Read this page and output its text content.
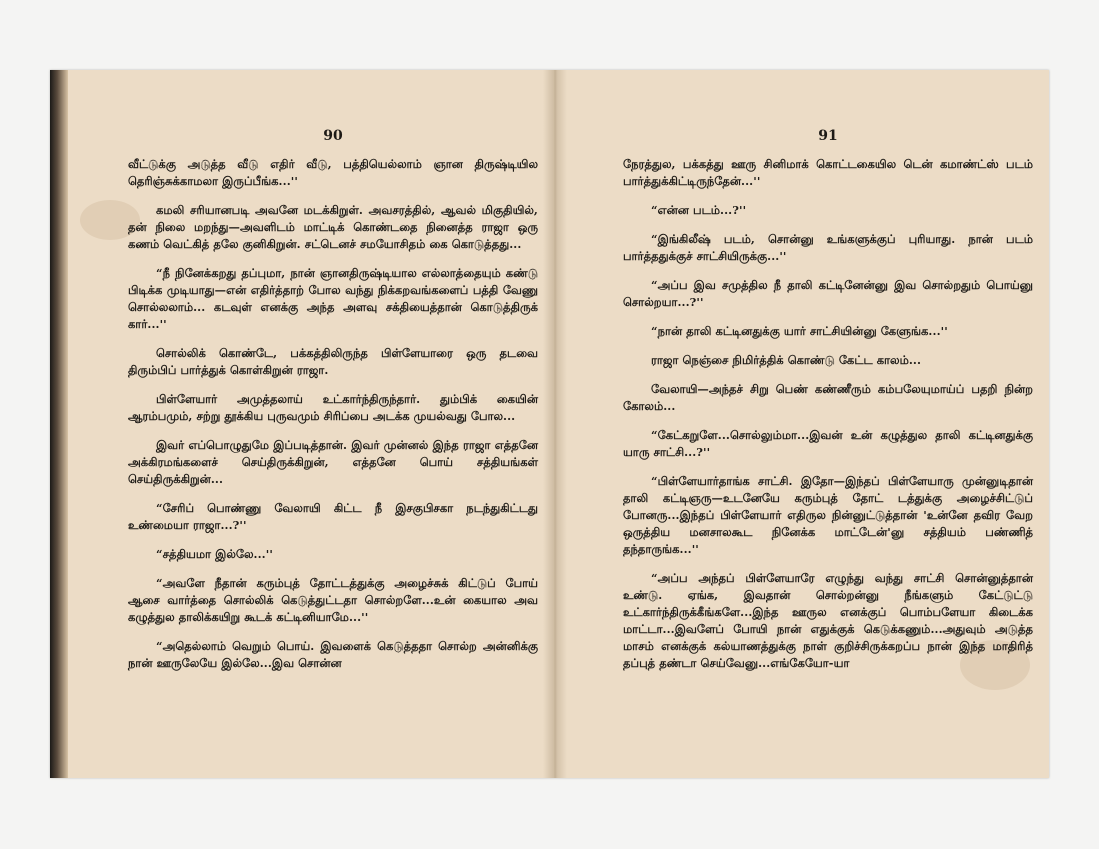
90

வீட்டுக்கு அடுத்த வீடு எதிர் வீடு, பத்தியெல்லாம் ஞான திருஷ்டியில தெரிஞ்சுக்காமலா இருப்பீங்க...''

கமலி சரியானபடி அவனே மடக்கிறுள். அவசரத்தில், ஆவல் மிகுதியில், தன் நிலை மறந்து—அவளிடம் மாட்டிக் கொண்டதை நினைத்த ராஜா ஒரு கணம் வெட்கித் தலே குனிகிறுன். சட்டெனச் சமயோசிதம் கை கொடுத்தது...

“நீ நினேக்கறது தப்புமா, நான் ஞானதிருஷ்டியால எல்லாத்தையும் கண்டு பிடிக்க முடியாது—என் எதிர்த்தாற் போல வந்து நிக்கறவங்களைப் பத்தி வேணு சொல்லலாம்... கடவுள் எனக்கு அந்த அளவு சக்தியைத்தான் கொடுத்திருக் கார்...''

சொல்லிக் கொண்டே, பக்கத்திலிருந்த பிள்ளேயாரை ஒரு தடவை திரும்பிப் பார்த்துக் கொள்கிறுன் ராஜா.

பிள்ளேயார் அமுத்தலாய் உட்கார்ந்திருந்தார். தும்பிக் கையின் ஆரம்பமும், சற்று தூக்கிய புருவமும் சிரிப்பை அடக்க முயல்வது போல...

இவர் எப்பொழுதுமே இப்படித்தான். இவர் முன்னல் இந்த ராஜா எத்தனே அக்கிரமங்களைச் செய்திருக்கிறுன், எத்தனே பொய் சத்தியங்கள் செய்திருக்கிறுன்...

“சேரிப் பொண்ணு வேலாயி கிட்ட நீ இசகுபிசகா நடந்துகிட்டது உண்மையா ராஜா...?''

“சத்தியமா இல்லே...''

“அவளே நீதான் கரும்புத் தோட்டத்துக்கு அழைச்சுக் கிட்டுப் போய் ஆசை வார்த்தை சொல்லிக் கெடுத்துட்டதா சொல்றளே...உன் கையால அவ கழுத்துல தாலிக்கயிறு கூடக் கட்டினியாமே...''

“அதெல்லாம் வெறும் பொய். இவளைக் கெடுத்ததா சொல்ற அன்னிக்கு நான் ஊருலேயே இல்லே...இவ சொன்ன

91

நேரத்துல, பக்கத்து ஊரு சினிமாக் கொட்டகையில டென் கமாண்ட்ஸ் படம் பார்த்துக்கிட்டிருந்தேன்...''

“என்ன படம்...?''

“இங்கிலீஷ் படம், சொன்னு உங்களுக்குப் புரியாது. நான் படம் பார்த்ததுக்குச் சாட்சியிருக்கு...''

“அப்ப இவ சமுத்தில நீ தாலி கட்டினேன்னு இவ சொல்றதும் பொய்னு சொல்றயா...?''

“நான் தாலி கட்டினதுக்கு யார் சாட்சியின்னு கேளுங்க...''

ராஜா நெஞ்சை நிமிர்த்திக் கொண்டு கேட்ட காலம்...

வேலாயி—அந்தச் சிறு பெண் கண்ணீரும் கம்பலேயுமாய்ப் பதறி நின்ற கோலம்...

“கேட்கறுளே...சொல்லும்மா...இவன் உன் கழுத்துல தாலி கட்டினதுக்கு யாரு சாட்சி...?''

“பிள்ளேயார்தாங்க சாட்சி. இதோ—இந்தப் பிள்ளேயாரு முன்னுடிதான் தாலி கட்டிஞரு—உடனேயே கரும்புத் தோட் டத்துக்கு அழைச்சிட்டுப் போனரு...இந்தப் பிள்ளேயார் எதிருல நின்னுட்டுத்தான் 'உன்னே தவிர வேற ஒருத்திய மனசாலகூட நினேக்க மாட்டேன்'னு சத்தியம் பண்ணித் தந்தாருங்க...''

“அப்ப அந்தப் பிள்ளேயாரே எழுந்து வந்து சாட்சி சொன்னுத்தான் உண்டு. ஏங்க, இவதான் சொல்றன்னு நீங்களும் கேட்டுட்டு உட்கார்ந்திருக்கீங்களே...இந்த ஊருல எனக்குப் பொம்பளேயா கிடைக்க மாட்டா...இவளேப் போயி நான் எதுக்குக் கெடுக்கணும்...அதுவும் அடுத்த மாசம் எனக்குக் கல்யாணத்துக்கு நாள் குறிச்சிருக்கறப்ப நான் இந்த மாதிரித் தப்புத் தண்டா செய்வேனு...எங்கேயோ-யா
